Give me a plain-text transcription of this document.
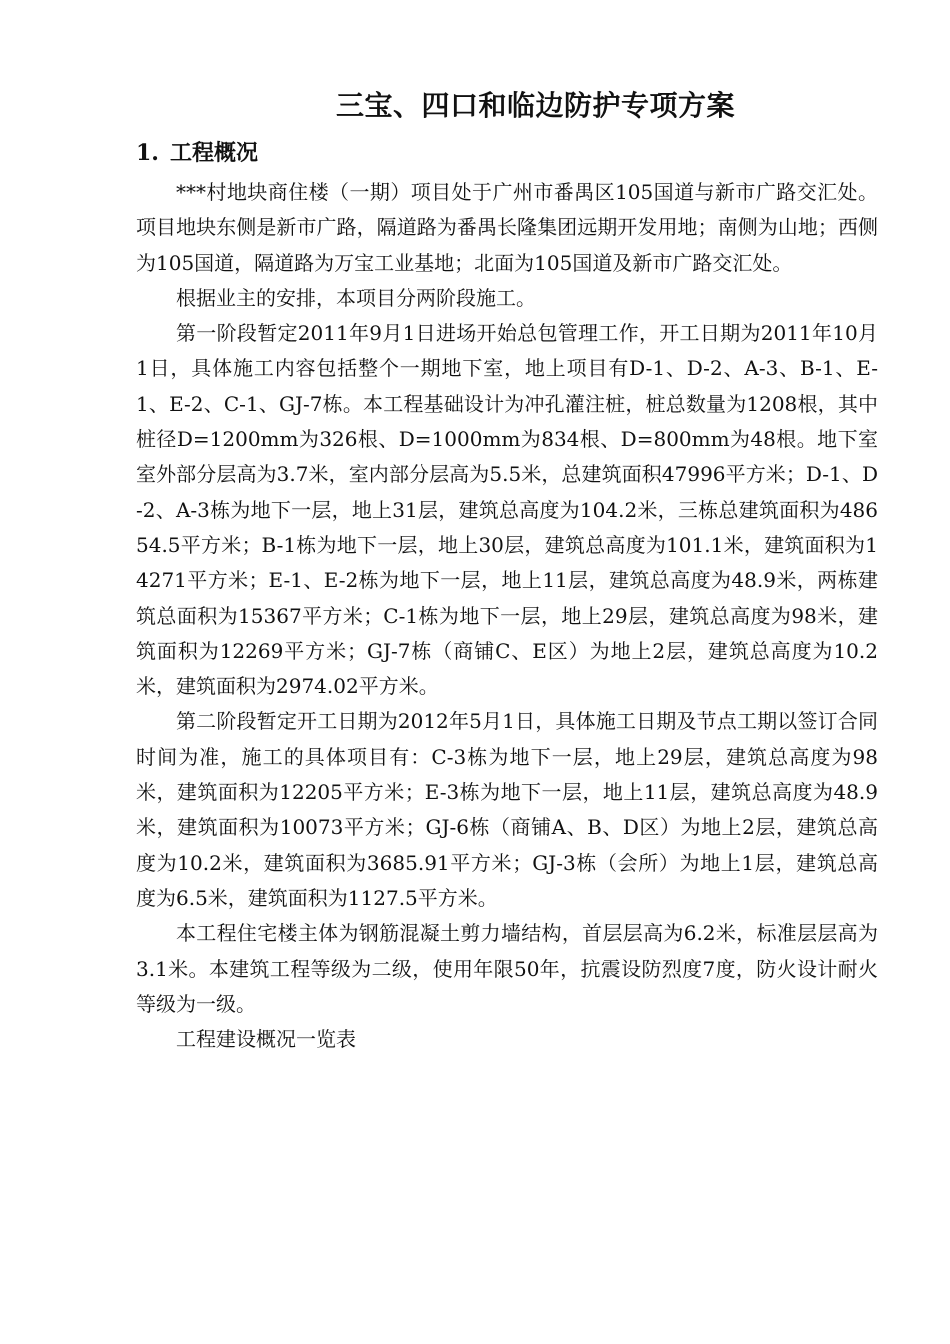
三宝、四口和临边防护专项方案
1. 工程概况

***村地块商住楼（一期）项目处于广州市番禺区105国道与新市广路交汇处。项目地块东侧是新市广路，隔道路为番禺长隆集团远期开发用地；南侧为山地；西侧为105国道，隔道路为万宝工业基地；北面为105国道及新市广路交汇处。

根据业主的安排，本项目分两阶段施工。

第一阶段暂定2011年9月1日进场开始总包管理工作，开工日期为2011年10月1日，具体施工内容包括整个一期地下室，地上项目有D-1、D-2、A-3、B-1、E-1、E-2、C-1、GJ-7栋。本工程基础设计为冲孔灌注桩，桩总数量为1208根，其中桩径D=1200mm为326根、D=1000mm为834根、D=800mm为48根。地下室室外部分层高为3.7米，室内部分层高为5.5米，总建筑面积47996平方米；D-1、D-2、A-3栋为地下一层，地上31层，建筑总高度为104.2米，三栋总建筑面积为48654.5平方米；B-1栋为地下一层，地上30层，建筑总高度为101.1米，建筑面积为14271平方米；E-1、E-2栋为地下一层，地上11层，建筑总高度为48.9米，两栋建筑总面积为15367平方米；C-1栋为地下一层，地上29层，建筑总高度为98米，建筑面积为12269平方米；GJ-7栋（商铺C、E区）为地上2层，建筑总高度为10.2米，建筑面积为2974.02平方米。

第二阶段暂定开工日期为2012年5月1日，具体施工日期及节点工期以签订合同时间为准，施工的具体项目有：C-3栋为地下一层，地上29层，建筑总高度为98米，建筑面积为12205平方米；E-3栋为地下一层，地上11层，建筑总高度为48.9米，建筑面积为10073平方米；GJ-6栋（商铺A、B、D区）为地上2层，建筑总高度为10.2米，建筑面积为3685.91平方米；GJ-3栋（会所）为地上1层，建筑总高度为6.5米，建筑面积为1127.5平方米。

本工程住宅楼主体为钢筋混凝土剪力墙结构，首层层高为6.2米，标准层层高为3.1米。本建筑工程等级为二级，使用年限50年，抗震设防烈度7度，防火设计耐火等级为一级。

工程建设概况一览表
